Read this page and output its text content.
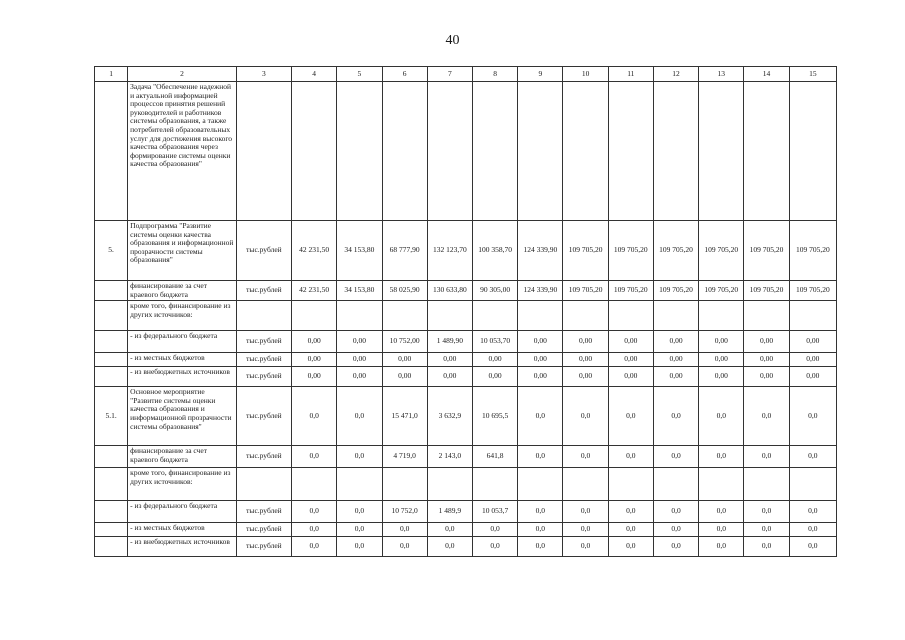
40
1	2	3	4	5	6	7	8	9	10	11	12	13	14	15
	Задача "Обеспечение надежной и актуальной информацией процессов принятия решений руководителей и работников системы образования, а также потребителей образовательных услуг для достижения высокого качества образования через формирование системы оценки качества образования"													
5.	Подпрограмма "Развитие системы оценки качества образования и информационной прозрачности системы образования"	тыс.рублей	42 231,50	34 153,80	68 777,90	132 123,70	100 358,70	124 339,90	109 705,20	109 705,20	109 705,20	109 705,20	109 705,20	109 705,20
	финансирование за счет краевого бюджета	тыс.рублей	42 231,50	34 153,80	58 025,90	130 633,80	90 305,00	124 339,90	109 705,20	109 705,20	109 705,20	109 705,20	109 705,20	109 705,20
	кроме того, финансирование из других источников:													
	- из федерального бюджета	тыс.рублей	0,00	0,00	10 752,00	1 489,90	10 053,70	0,00	0,00	0,00	0,00	0,00	0,00	0,00
	- из местных бюджетов	тыс.рублей	0,00	0,00	0,00	0,00	0,00	0,00	0,00	0,00	0,00	0,00	0,00	0,00
	- из внебюджетных источников	тыс.рублей	0,00	0,00	0,00	0,00	0,00	0,00	0,00	0,00	0,00	0,00	0,00	0,00
5.1.	Основное мероприятие "Развитие системы оценки качества образования и информационной прозрачности системы образования"	тыс.рублей	0,0	0,0	15 471,0	3 632,9	10 695,5	0,0	0,0	0,0	0,0	0,0	0,0	0,0
	финансирование за счет краевого бюджета	тыс.рублей	0,0	0,0	4 719,0	2 143,0	641,8	0,0	0,0	0,0	0,0	0,0	0,0	0,0
	кроме того, финансирование из других источников:													
	- из федерального бюджета	тыс.рублей	0,0	0,0	10 752,0	1 489,9	10 053,7	0,0	0,0	0,0	0,0	0,0	0,0	0,0
	- из местных бюджетов	тыс.рублей	0,0	0,0	0,0	0,0	0,0	0,0	0,0	0,0	0,0	0,0	0,0	0,0
	- из внебюджетных источников	тыс.рублей	0,0	0,0	0,0	0,0	0,0	0,0	0,0	0,0	0,0	0,0	0,0	0,0
